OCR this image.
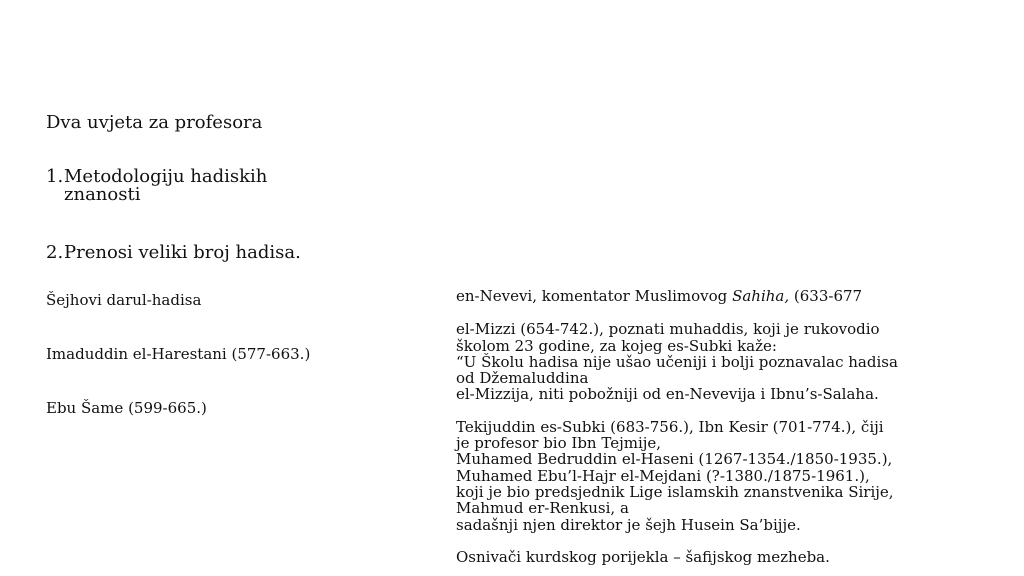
Dva uvjeta za profesora
1. Metodologiju hadiskih znanosti
2. Prenosi veliki broj hadisa.
Šejhovi darul-hadisa
Imaduddin el-Harestani (577-663.)
Ebu Šame (599-665.)
en-Nevevi, komentator Muslimovog Sahiha, (633-677
el-Mizzi (654-742.), poznati muhaddis, koji je rukovodio
školom 23 godine, za kojeg es-Subki kaže:
“U Školu hadisa nije ušao učeniji i bolji poznavalac hadisa
od Džemaluddina
el-Mizzija, niti pobožniji od en-Nevevija i Ibnu’s-Salaha.
Tekijuddin es-Subki (683-756.), Ibn Kesir (701-774.), čiji
je profesor bio Ibn Tejmije,
Muhamed Bedruddin el-Haseni (1267-1354./1850-1935.),
Muhamed Ebu’l-Hajr el-Mejdani (?-1380./1875-1961.),
koji je bio predsjednik Lige islamskih znanstvenika Sirije,
Mahmud er-Renkusi, a
sadašnji njen direktor je šejh Husein Sa’bijje.
Osnivači kurdskog porijekla – šafijskog mezheba.
